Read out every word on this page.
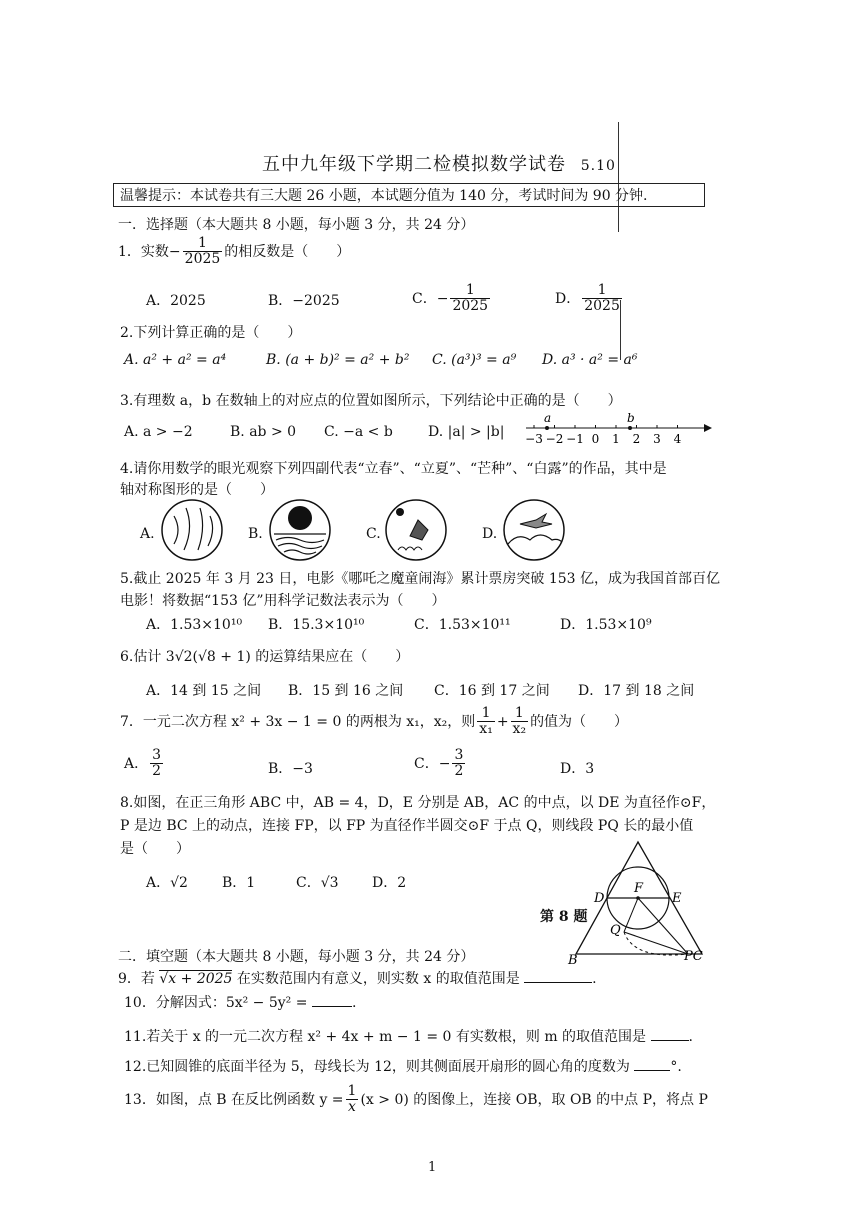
五中九年级下学期二检模拟数学试卷 5.10
温馨提示：本试卷共有三大题 26 小题，本试题分值为 140 分，考试时间为 90 分钟.
一．选择题（本大题共 8 小题，每小题 3 分，共 24 分）
1．实数− $\frac{1}{2025}$ 的相反数是（　　）
A．2025	B．−2025	C．− $\frac{1}{2025}$	D． $\frac{1}{2025}$
2.下列计算正确的是（　　）
A. a² + a² = a⁴	B. (a + b)² = a² + b² C. (a³)³ = a⁹ D. a³ · a² = a⁶
3.有理数 a，b 在数轴上的对应点的位置如图所示，下列结论中正确的是（　　）
A. a > −2	B. ab > 0 C. −a < b	D. |a| > |b| −3 −2 −1 0 1 2 3 4
a	b
4.请你用数学的眼光观察下列四副代表“立春”、“立夏”、“芒种”、“白露”的作品，其中是
轴对称图形的是（　　）
A.	B.	C.	D.
5.截止 2025 年 3 月 23 日，电影《哪吒之魔童闹海》累计票房突破 153 亿，成为我国首部百亿
电影！将数据“153 亿”用科学记数法表示为（　　）
A．1.53×10¹⁰ B．15.3×10¹⁰	C．1.53×10¹¹	D．1.53×10⁹
6.估计 3√2(√8 + 1) 的运算结果应在（　　）
A．14 到 15 之间 B．15 到 16 之间 C．16 到 17 之间 D．17 到 18 之间
7．一元二次方程 x² + 3x − 1 = 0 的两根为 x₁，x₂，则 $\frac{1}{\text{x₁}} + \frac{1}{\text{x₂}}$ 的值为（　　）
A． $\frac{3}{2}$	B．−3	C．− $\frac{3}{2}$	D．3
8.如图，在正三角形 ABC 中，AB = 4，D，E 分别是 AB，AC 的中点，以 DE 为直径作⊙F，
P 是边 BC 上的动点，连接 FP，以 FP 为直径作半圆交⊙F 于点 Q，则线段 PQ 长的最小值
是（　　）
A．√2 B．1	C．√3 D．2
第 8 题
D
F
E
Q
B	PC
二．填空题（本大题共 8 小题，每小题 3 分，共 24 分）
9．若 √x + 2025 在实数范围内有意义，则实数 x 的取值范围是	.
10．分解因式：5x² − 5y² =	.
11.若关于 x 的一元二次方程 x² + 4x + m − 1 = 0 有实数根，则 m 的取值范围是	.
12.已知圆锥的底面半径为 5，母线长为 12，则其侧面展开扇形的圆心角的度数为	°.
13．如图，点 B 在反比例函数 $y = \frac{1}{x} (x > 0)$ 的图像上，连接 OB，取 OB 的中点 P，将点 P
1
